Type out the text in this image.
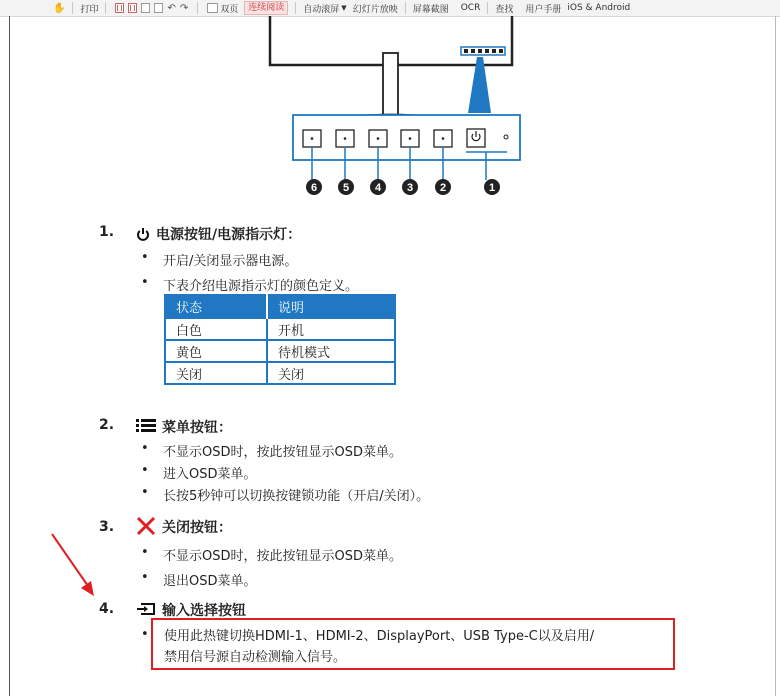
✋	打印	↶ ↷	双页	连续阅读	自动滚屏 ▼ 幻灯片放映	屏幕截图	OCR	查找	用户手册 iOS & Android
6 5 4 3 2	1
1.	电源按钮/电源指示灯：
•	开启/关闭显示器电源。
•	下表介绍电源指示灯的颜色定义。
状态	说明
白色	开机
黄色	待机模式
关闭	关闭
2.	菜单按钮：
•	不显示OSD时，按此按钮显示OSD菜单。
•	进入OSD菜单。
•	长按5秒钟可以切换按键锁功能（开启/关闭）。
3.	关闭按钮：
•	不显示OSD时，按此按钮显示OSD菜单。
•	退出OSD菜单。
4.	输入选择按钮
•	使用此热键切换HDMI-1、HDMI-2、DisplayPort、USB Type-C以及启用/
禁用信号源自动检测输入信号。
